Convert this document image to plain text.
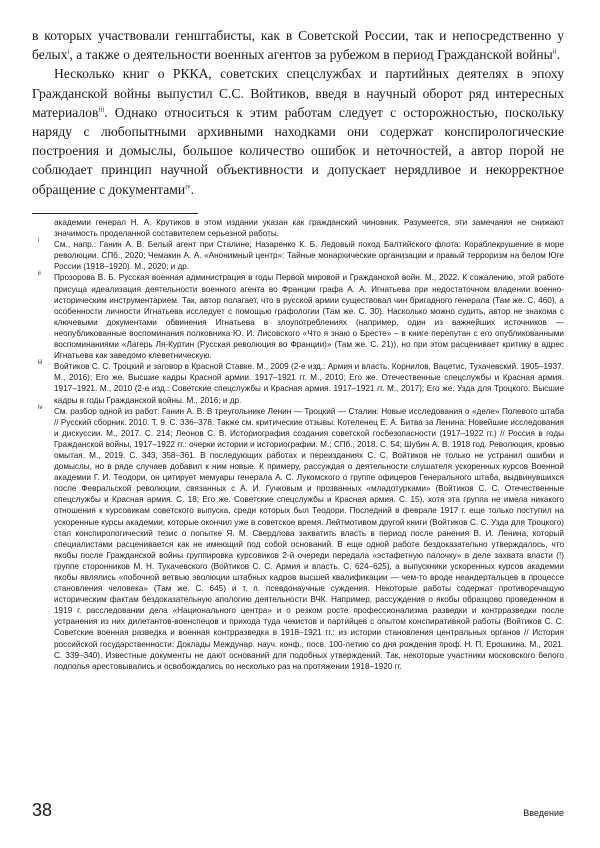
в которых участвовали генштабисты, как в Советской России, так и непосредственно у белых$^i$, а также о деятельности военных агентов за рубежом в период Гражданской войны$^{ii}$.

Несколько книг о РККА, советских спецслужбах и партийных деятелях в эпоху Гражданской войны выпустил С.С. Войтиков, введя в научный оборот ряд интересных материалов$^{iii}$. Однако относиться к этим работам следует с осторожностью, поскольку наряду с любопытными архивными находками они содержат конспирологические построения и домыслы, большое количество ошибок и неточностей, а автор порой не соблюдает принцип научной объективности и допускает нерядливое и некорректное обращение с документами$^{iv}$.

академии генерал Н. А. Крутиков в этом издании указан как гражданский чиновник. Разумеется, эти замечания не снижают значимость проделанной составителем серьезной работы.

i См., напр.: Ганин А. В. Белый агент при Сталине; Назаренко К. Б. Ледовый поход Балтийского флота: Кораблекрушение в море революции. СПб., 2020; Чемакин А. А. «Анонимный центр»: Тайные монархические организации и правый терроризм на белом Юге России (1918–1920). М., 2020; и др.

ii Прозорова В. Б. Русская военная администрация в годы Первой мировой и Гражданской войн. М., 2022. К сожалению, этой работе присуща идеализация деятельности военного агента во Франции графа А. А. Игнатьева при недостаточном владении военно-историческим инструментарием. Так, автор полагает, что в русской армии существовал чин бригадного генерала (Там же. С. 460), а особенности личности Игнатьева исследует с помощью графологии (Там же. С. 30). Насколько можно судить, автор не знакома с ключевыми документами обвинения Игнатьева в злоупотреблениях (например, один из важнейших источников — неопубликованные воспоминания полковника Ю. И. Лисовского «Что я знаю о Бресте» – в книге перепутан с его опубликованными воспоминаниями «Лагерь Ля-Куртин (Русская революция во Франции)» (Там же. С. 21)), но при этом расценивает критику в адрес Игнатьева как заведомо клеветническую.

iii Войтиков С. С. Троцкий и заговор в Красной Ставке. М., 2009 (2-е изд.: Армия и власть. Корнилов, Вацетис, Тухачевский. 1905–1937. М., 2016); Его же. Высшие кадры Красной армии. 1917–1921 гг. М., 2010; Его же. Отечественные спецслужбы и Красная армия. 1917–1921. М., 2010 (2-е изд.: Советские спецслужбы и Красная армия. 1917–1921 гг. М., 2017); Его же. Узда для Троцкого. Высшие кадры в годы Гражданской войны. М., 2016; и др.

iv См. разбор одной из работ: Ганин А. В. В треугольнике Ленин — Троцкий — Сталин: Новые исследования о «деле» Полевого штаба // Русский сборник. 2010. Т. 9. С. 336–378. Также см. критические отзывы: Котеленец Е. А. Битва за Ленина: Новейшие исследования и дискуссии. М., 2017. С. 214; Леонов С. В. Историография создания советской госбезопасности (1917–1922 гг.) // Россия в годы Гражданской войны, 1917–1922 гг.: очерки истории и историографии. М.; СПб., 2018. С. 54; Шубин А. В. 1918 год. Революция, кровью омытая. М., 2019. С. 343, 358–361. В последующих работах и переизданиях С. С. Войтиков не только не устранил ошибки и домыслы, но в ряде случаев добавил к ним новые. К примеру, рассуждая о деятельности слушателя ускоренных курсов Военной академии Г. И. Теодори, он цитирует мемуары генерала А. С. Лукомского о группе офицеров Генерального штаба, выдвинувшихся после Февральской революции, связанных с А. И. Гучковым и прозванных «младотурками» (Войтиков С. С. Отечественные спецслужбы и Красная армия. С. 18; Его же. Советские спецслужбы и Красная армия. С. 15), хотя эта группа не имела никакого отношения к курсовикам советского выпуска, среди которых был Теодори. Последний в феврале 1917 г. еще только поступил на ускоренные курсы академии, которые окончил уже в советское время. Лейтмотивом другой книги (Войтиков С. С. Узда для Троцкого) стал конспирологический тезис о попытке Я. М. Свердлова захватить власть в период после ранения В. И. Ленина, который специалистами расценивается как не имеющий под собой оснований. В еще одной работе бездоказательно утверждалось, что якобы после Гражданской войны группировка курсовиков 2-й очереди передала «эстафетную палочку» в деле захвата власти (!) группе сторонников М. Н. Тухачевского (Войтиков С. С. Армия и власть. С. 624–625), а выпускники ускоренных курсов академии якобы являлись «побочной ветвью эволюции штабных кадров высшей квалификации — чем-то вроде неандертальцев в процессе становления человека» (Там же. С. 645) и т. п. псевдонаучные суждения. Некоторые работы содержат противоречащую историческим фактам бездоказательную апологию деятельности ВЧК. Например, рассуждения о якобы образцово проведенном в 1919 г. расследовании дела «Национального центра» и о резком росте профессионализма разведки и контрразведки после устранения из них дилетантов-военспецов и прихода туда чекистов и партийцев с опытом конспиративной работы (Войтиков С. С. Советские военная разведка и военная контрразведка в 1918–1921 гг.: из истории становления центральных органов // История российской государственности: Доклады Междунар. науч. конф., посв. 100-летию со дня рождения проф. Н. П. Ерошкина. М., 2021. С. 339–340). Известные документы не дают оснований для подобных утверждений. Так, некоторые участники московского белого подполья арестовывались и освобождались по несколько раз на протяжении 1918–1920 гг.

38	Введение
